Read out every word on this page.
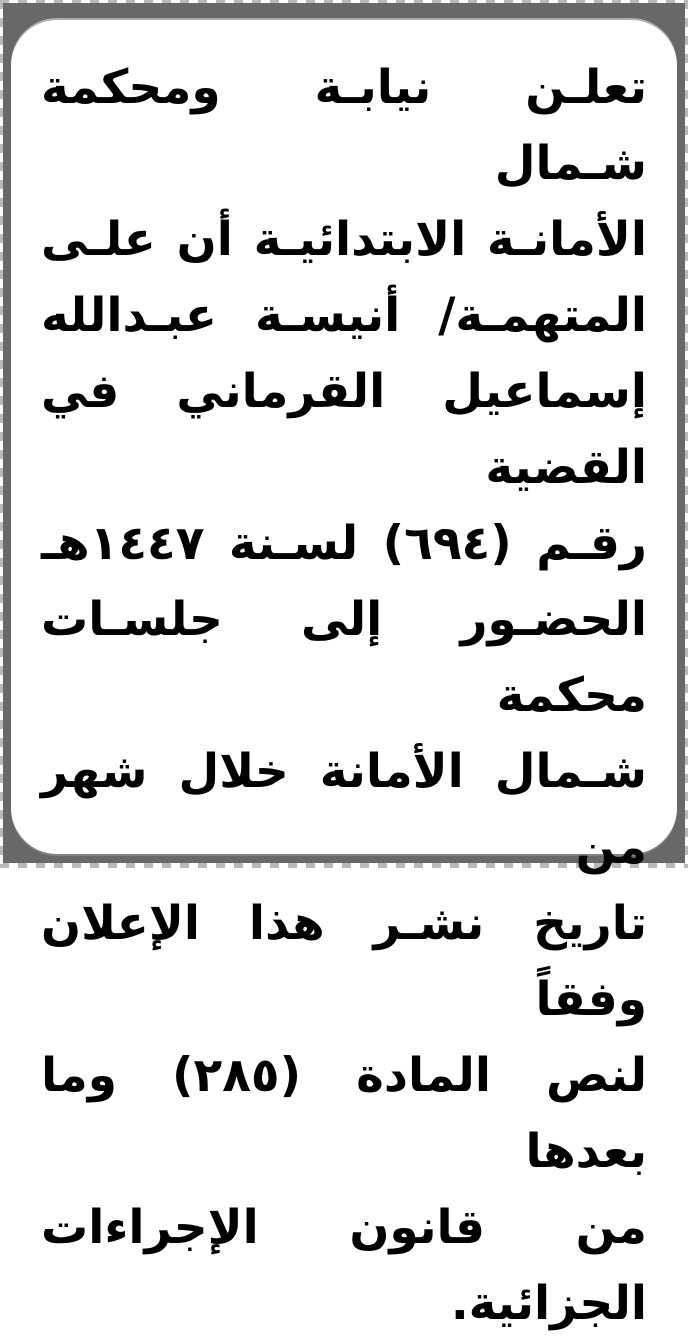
تعلـن نيابـة ومحكمة شـمال
الأمانـة الابتدائيـة أن علـى
المتهمـة/ أنيسـة عبـدالله
إسماعيل القرماني في القضية
رقـم (٦٩٤) لسـنة ١٤٤٧هـ
الحضـور إلى جلسـات محكمة
شـمال الأمانة خلال شهر من
تاريخ نشـر هذا الإعلان وفقاً
لنص المادة (٢٨٥) وما بعدها
من قانون الإجراءات الجزائية.
